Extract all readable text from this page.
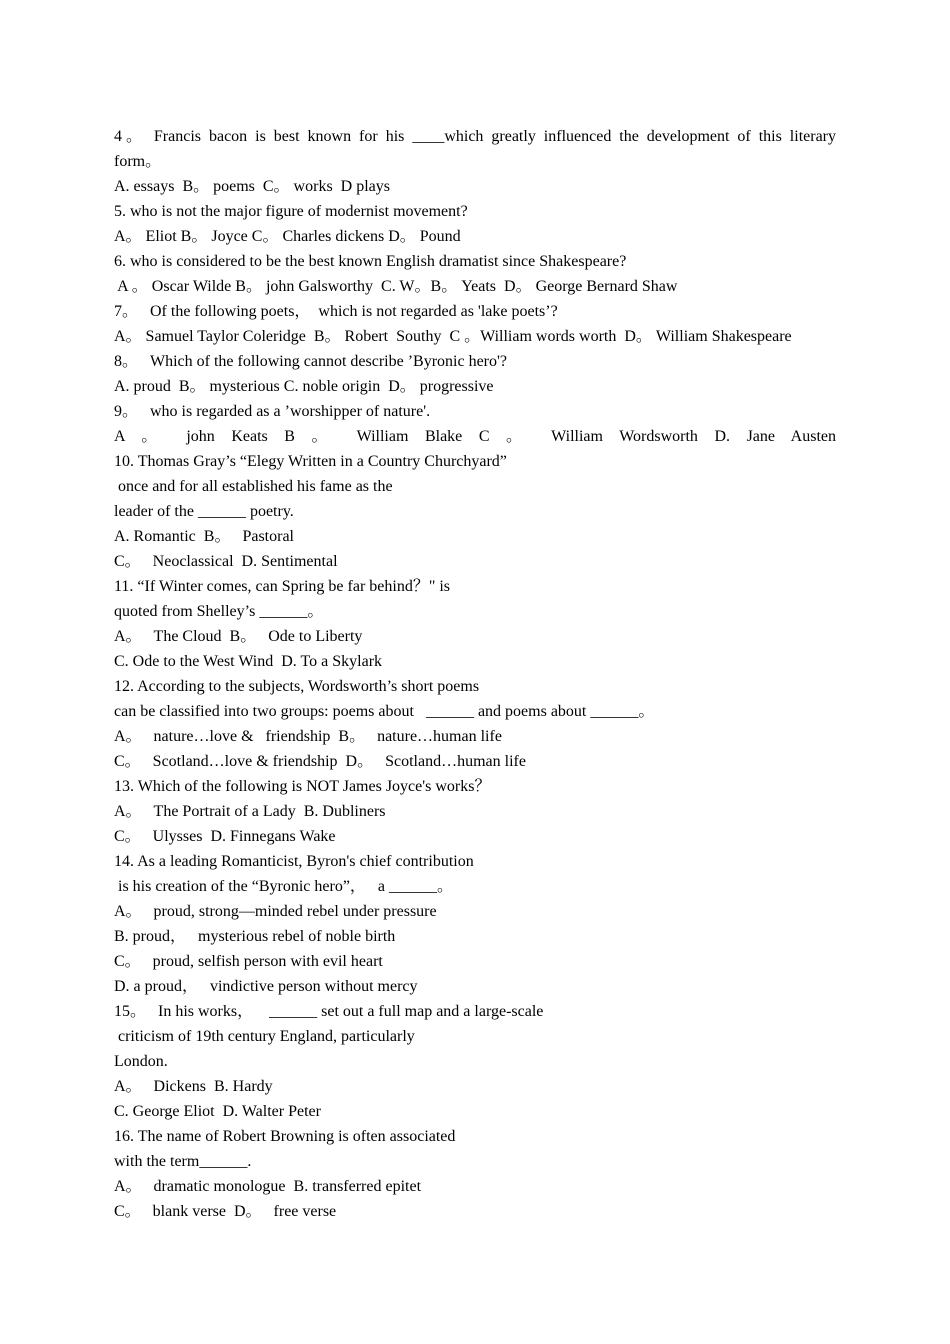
4。 Francis bacon is best known for his ____which greatly influenced the development of this literary
form。
A. essays  B。 poems  C。 works  D plays
5. who is not the major figure of modernist movement?
A。 Eliot B。 Joyce C。 Charles dickens D。 Pound
6. who is considered to be the best known English dramatist since Shakespeare?
A 。 Oscar Wilde B。 john Galsworthy  C. W。B。 Yeats  D。 George Bernard Shaw
7。   Of the following poets，  which is not regarded as 'lake poets’?
A。 Samuel Taylor Coleridge  B。 Robert  Southy  C 。William words worth  D。 William Shakespeare
8。   Which of the following cannot describe ’Byronic hero'?
A. proud  B。 mysterious C. noble origin  D。 progressive
9。   who is regarded as a ’worshipper of nature'.
A 。 john Keats B 。 William Blake C 。 William Wordsworth D. Jane Austen
10. Thomas Gray’s “Elegy Written in a Country Churchyard”
once and for all established his fame as the
leader of the ______ poetry.
A. Romantic  B。   Pastoral
C。   Neoclassical  D. Sentimental
11. “If Winter comes, can Spring be far behind？" is
quoted from Shelley’s ______。
A。   The Cloud  B。   Ode to Liberty
C. Ode to the West Wind  D. To a Skylark
12. According to the subjects, Wordsworth’s short poems
can be classified into two groups: poems about   ______ and poems about ______。
A。   nature…love &   friendship  B。   nature…human life
C。   Scotland…love & friendship  D。   Scotland…human life
13. Which of the following is NOT James Joyce's works？
A。   The Portrait of a Lady  B. Dubliners
C。   Ulysses  D. Finnegans Wake
14. As a leading Romanticist, Byron's chief contribution
is his creation of the “Byronic hero”，   a ______。
A。   proud, strong—minded rebel under pressure
B. proud，   mysterious rebel of noble birth
C。   proud, selfish person with evil heart
D. a proud，   vindictive person without mercy
15。   In his works，    ______ set out a full map and a large-scale
criticism of 19th century England, particularly
London.
A。   Dickens  B. Hardy
C. George Eliot  D. Walter Peter
16. The name of Robert Browning is often associated
with the term______.
A。   dramatic monologue  B. transferred epitet
C。   blank verse  D。   free verse
